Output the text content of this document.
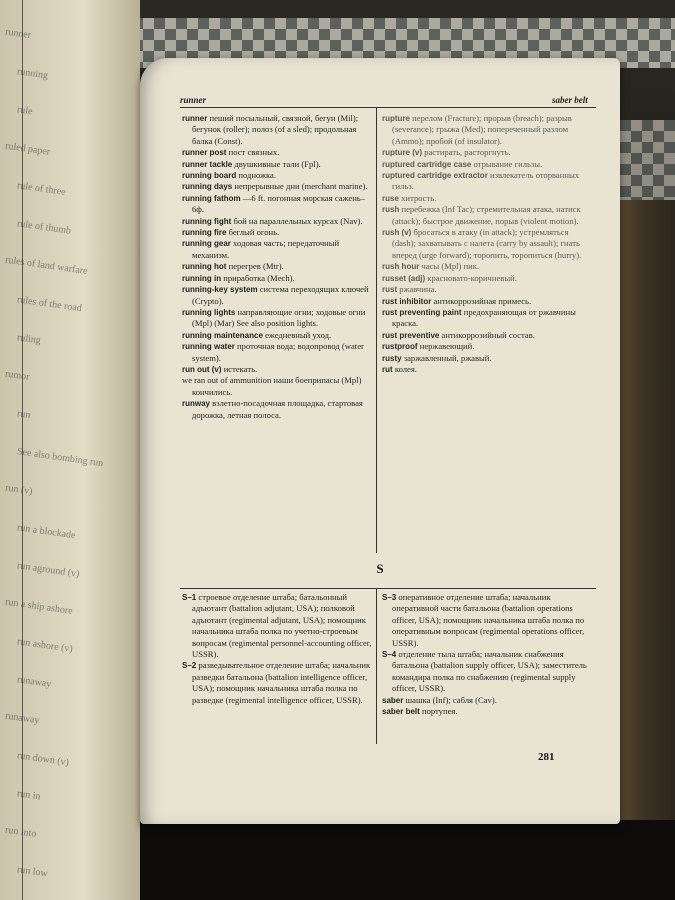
runner
running
rule
ruled paper
rule of three
rule of thumb
rules of land warfare
rules of the road
ruling
rumor
run
See also bombing run
run (v)
run a blockade
run aground (v)
run a ship ashore
run ashore (v)
runaway
runaway
run down (v)
run in
run into
run low
runner	saber belt

runner пеший посыльный, связной, бегун (Mil); бегунок (roller); полоз (of a sled); продольная балка (Const).

runner post пост связных.

runner tackle двушкивные тали (Fpl).

running board подножка.

running days непрерывные дни (merchant marine).

running fathom —6 ft. погонная морская сажень–6ф.

running fight бой на параллельных курсах (Nav).

running fire беглый огонь.

running gear ходовая часть; передаточный механизм.

running hot перегрев (Mtr).

running in приработка (Mech).

running-key system система переходящих ключей (Crypto).

running lights направляющие огни; ходовые огни (Mpl) (Mar) See also position lights.

running maintenance ежедневный уход.

running water проточная вода; водопровод (water system).

run out (v) истекать.

we ran out of ammunition наши боеприпасы (Mpl) кончились.

runway взлетно-посадочная площадка, стартовая дорожка, летная полоса.

rupture перелом (Fracture); прорыв (breach); разрыв (severance); грыжа (Med); попереченный разлом (Ammo); пробой (of insulator).

rupture (v) растирать, расторгнуть.

ruptured cartridge case отрывание гильзы.

ruptured cartridge extractor извлекатель оторванных гильз.

ruse хитрость.

rush перебежка (Inf Tac); стремительная атака, натиск (attack); быстрое движение, порыв (violent motion).

rush (v) бросаться в атаку (in attack); устремляться (dash); захватывать с налета (carry by assault); гнать вперед (urge forward); торопить, торопиться (hurry).

rush hour часы (Mpl) пик.

russet (adj) красновато-коричневый.

rust ржавчина.

rust inhibitor антикоррозийная примесь.

rust preventing paint предохраняющая от ржавчины краска.

rust preventive антикоррозийный состав.

rustproof нержавеющий.

rusty заржавленный, ржавый.

rut колея.

S

S–1 строевое отделение штаба; батальонный адъютант (battalion adjutant, USA); полковой адъютант (regimental adjutant, USA); помощник начальника штаба полка по учетно-строевым вопросам (regimental personnel-accounting officer, USSR).

S–2 разведывательное отделение штаба; начальник разведки батальона (battalion intelligence officer, USA); помощник начальника штаба полка по разведке (regimental intelligence officer, USSR).

S–3 оперативное отделение штаба; начальник оперативной части батальона (battalion operations officer, USA); помощник начальника штаба полка по оперативным вопросам (regimental operations officer, USSR).

S–4 отделение тыла штаба; начальник снабжения батальона (battalion supply officer, USA); заместитель командира полка по снабжению (regimental supply officer, USSR).

saber шашка (Inf); сабля (Cav).

saber belt портупея.

281
